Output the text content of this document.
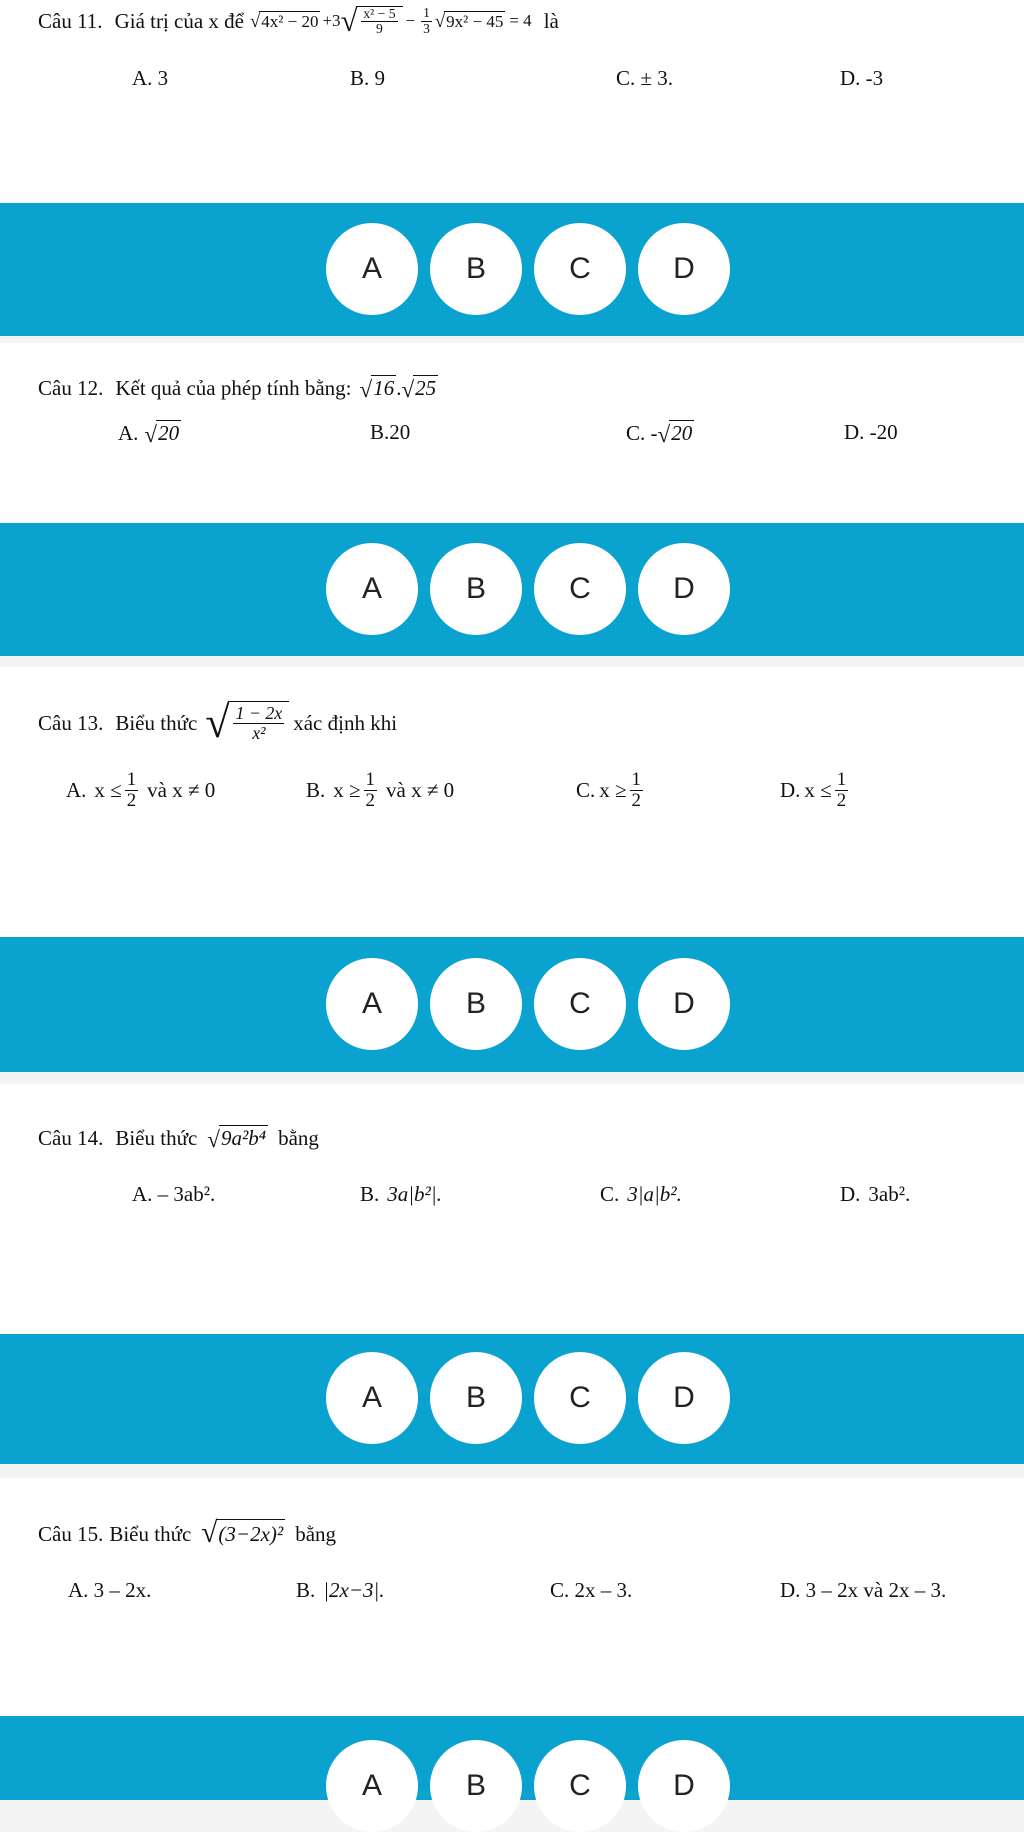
Câu 11. Giá trị của x để √ 4x² − 20 +3 √ $\frac{\text{x² − 5}}{9} - \frac{1}{3}$ √ 9x² − 45 = 4 là
A. 3	B. 9	C. ± 3.	D. -3
A	B	C	D
Câu 12. Kết quả của phép tính bằng: √ 16 . √ 25
A. √ 20	B.20	C. - √ 20	D. -20
A	B	C	D
Câu 13. Biểu thức √ $\frac{1 - 2x}{\text{x²}}$ xác định khi
A. $x \le \frac{1}{2}$ và x ≠ 0	B. $x \ge \frac{1}{2}$ và x ≠ 0	C. $x \ge \frac{1}{2}$	D. $x \le \frac{1}{2}$
A	B	C	D
Câu 14. Biểu thức √ 9a²b⁴ bằng
A. – 3ab².	B. 3a|b²|.	C. 3|a|b².	D. 3ab².
A	B	C	D
Câu 15. Biểu thức √ (3−2x)² bằng
A. 3 – 2x.	B. |2x−3|.	C. 2x – 3.	D. 3 – 2x và 2x – 3.
A	B	C	D
